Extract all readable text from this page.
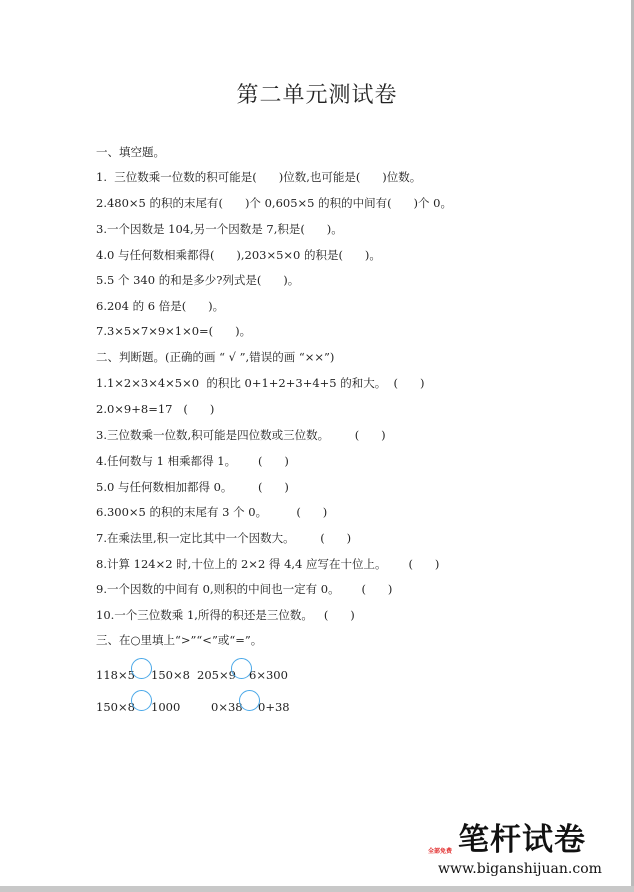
第二单元测试卷
一、填空题。
1.  三位数乘一位数的积可能是(      )位数,也可能是(      )位数。
2.480×5 的积的末尾有(      )个 0,605×5 的积的中间有(      )个 0。
3.一个因数是 104,另一个因数是 7,积是(      )。
4.0 与任何数相乘都得(      ),203×5×0 的积是(      )。
5.5 个 340 的和是多少?列式是(      )。
6.204 的 6 倍是(      )。
7.3×5×7×9×1×0=(      )。
二、判断题。(正确的画 “ √ ”,错误的画 “××”)
1.1×2×3×4×5×0  的积比 0+1+2+3+4+5 的和大。  (      )
2.0×9+8=17   (      )
3.三位数乘一位数,积可能是四位数或三位数。       (      )
4.任何数与 1 相乘都得 1。      (      )
5.0 与任何数相加都得 0。       (      )
6.300×5 的积的末尾有 3 个 0。        (      )
7.在乘法里,积一定比其中一个因数大。       (      )
8.计算 124×2 时,十位上的 2×2 得 4,4 应写在十位上。      (      )
9.一个因数的中间有 0,则积的中间也一定有 0。      (      )
10.一个三位数乘 1,所得的积还是三位数。   (      )
三、在○里填上“>”“<”或“=”。
118×5 150×8 205×9 6×300
150×8 1000	0×38 0+38
笔杆试卷
全部免费
www.biganshijuan.com
